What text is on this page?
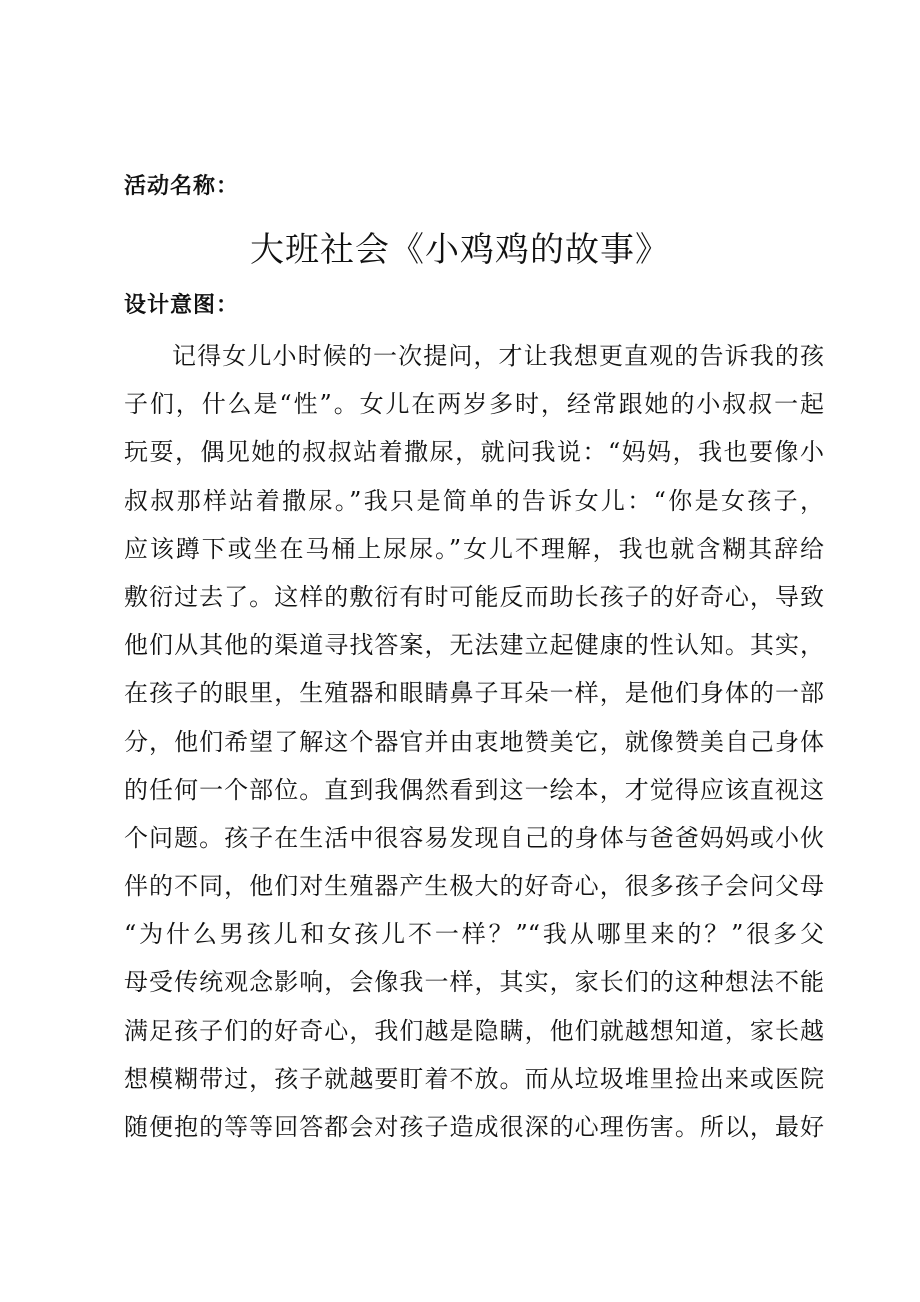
活动名称：
大班社会《小鸡鸡的故事》
设计意图：
记得女儿小时候的一次提问，才让我想更直观的告诉我的孩
子们，什么是“性”。女儿在两岁多时，经常跟她的小叔叔一起
玩耍，偶见她的叔叔站着撒尿，就问我说：“妈妈，我也要像小
叔叔那样站着撒尿。”我只是简单的告诉女儿：“你是女孩子，
应该蹲下或坐在马桶上尿尿。”女儿不理解，我也就含糊其辞给
敷衍过去了。这样的敷衍有时可能反而助长孩子的好奇心，导致
他们从其他的渠道寻找答案，无法建立起健康的性认知。其实，
在孩子的眼里，生殖器和眼睛鼻子耳朵一样，是他们身体的一部
分，他们希望了解这个器官并由衷地赞美它，就像赞美自己身体
的任何一个部位。直到我偶然看到这一绘本，才觉得应该直视这
个问题。孩子在生活中很容易发现自己的身体与爸爸妈妈或小伙
伴的不同，他们对生殖器产生极大的好奇心，很多孩子会问父母
“为什么男孩儿和女孩儿不一样？”“我从哪里来的？”很多父
母受传统观念影响，会像我一样，其实，家长们的这种想法不能
满足孩子们的好奇心，我们越是隐瞒，他们就越想知道，家长越
想模糊带过，孩子就越要盯着不放。而从垃圾堆里捡出来或医院
随便抱的等等回答都会对孩子造成很深的心理伤害。所以，最好
